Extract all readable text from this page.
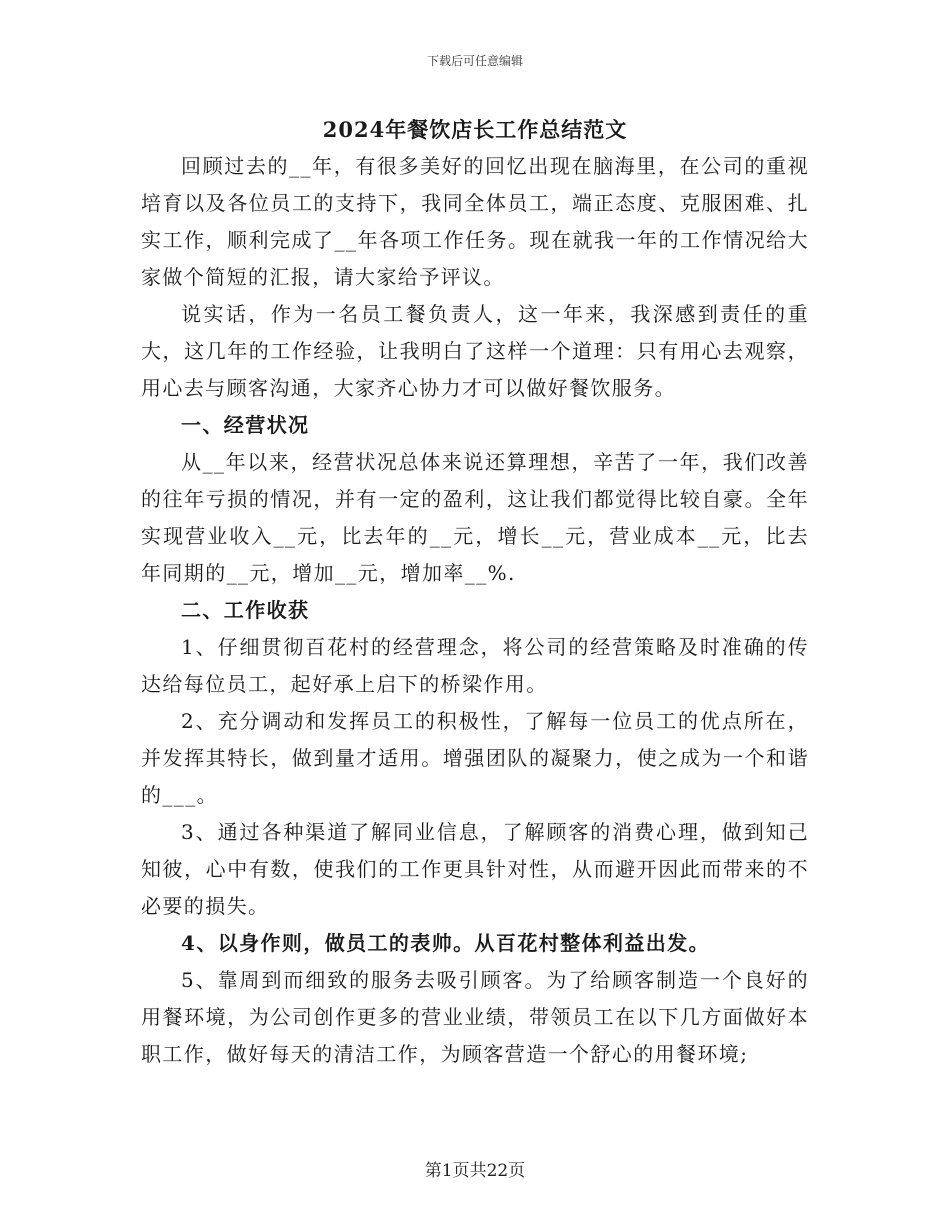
下载后可任意编辑
2024年餐饮店长工作总结范文

回顾过去的__年，有很多美好的回忆出现在脑海里，在公司的重视培育以及各位员工的支持下，我同全体员工，端正态度、克服困难、扎实工作，顺利完成了__年各项工作任务。现在就我一年的工作情况给大家做个简短的汇报，请大家给予评议。

说实话，作为一名员工餐负责人，这一年来，我深感到责任的重大，这几年的工作经验，让我明白了这样一个道理：只有用心去观察，用心去与顾客沟通，大家齐心协力才可以做好餐饮服务。

一、经营状况

从__年以来，经营状况总体来说还算理想，辛苦了一年，我们改善的往年亏损的情况，并有一定的盈利，这让我们都觉得比较自豪。全年实现营业收入__元，比去年的__元，增长__元，营业成本__元，比去年同期的__元，增加__元，增加率__%.

二、工作收获

1、仔细贯彻百花村的经营理念，将公司的经营策略及时准确的传达给每位员工，起好承上启下的桥梁作用。

2、充分调动和发挥员工的积极性，了解每一位员工的优点所在，并发挥其特长，做到量才适用。增强团队的凝聚力，使之成为一个和谐的___。

3、通过各种渠道了解同业信息，了解顾客的消费心理，做到知己知彼，心中有数，使我们的工作更具针对性，从而避开因此而带来的不必要的损失。

4、以身作则，做员工的表帅。从百花村整体利益出发。

5、靠周到而细致的服务去吸引顾客。为了给顾客制造一个良好的用餐环境，为公司创作更多的营业业绩，带领员工在以下几方面做好本职工作，做好每天的清洁工作，为顾客营造一个舒心的用餐环境;

第1页共22页
